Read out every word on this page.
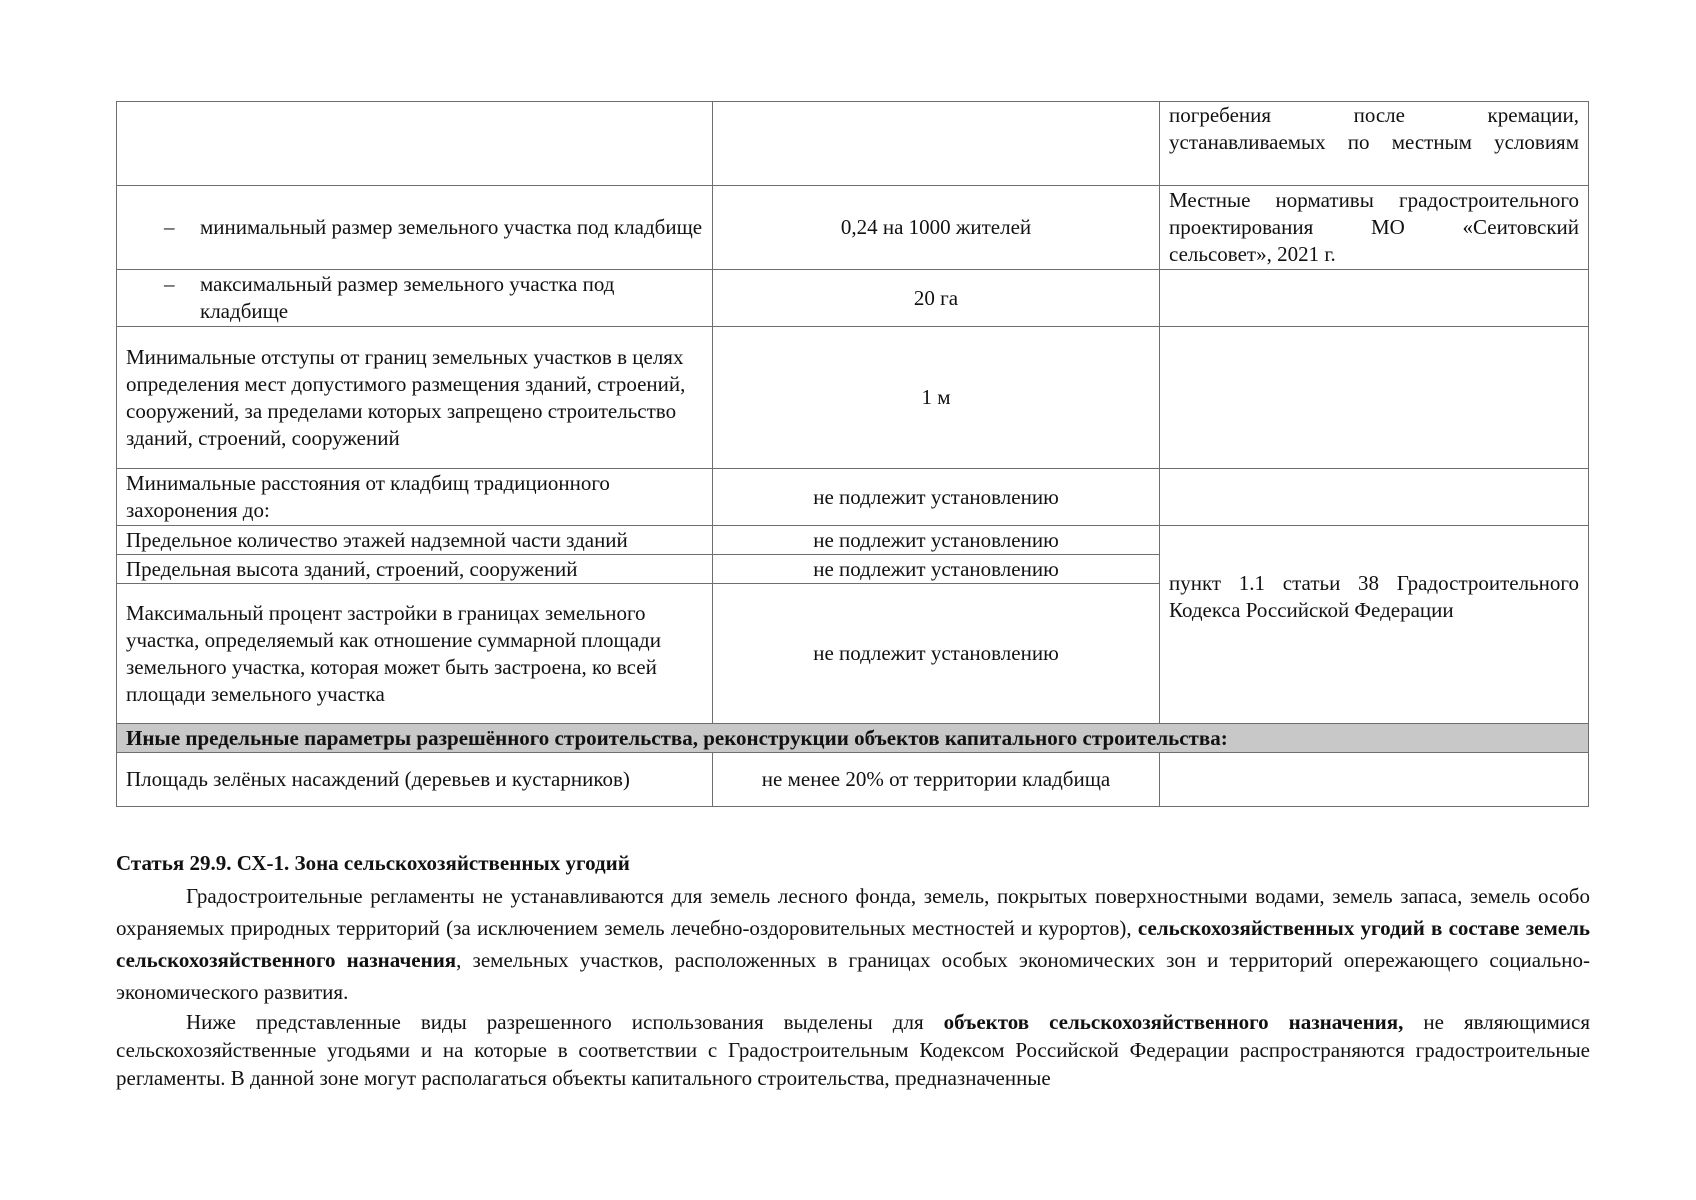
		погребения после кремации, устанавливаемых по местным условиям

– минимальный размер земельного участка под кладбище	0,24 на 1000 жителей	Местные нормативы градостроительного проектирования МО «Сеитовский сельсовет», 2021 г.

– максимальный размер земельного участка под кладбище	20 га	
Минимальные отступы от границ земельных участков в целях определения мест допустимого размещения зданий, строений, сооружений, за пределами которых запрещено строительство зданий, строений, сооружений	1 м	
Минимальные расстояния от кладбищ традиционного захоронения до:	не подлежит установлению	
Предельное количество этажей надземной части зданий	не подлежит установлению	пункт 1.1 статьи 38 Градостроительного Кодекса Российской Федерации
Предельная высота зданий, строений, сооружений	не подлежит установлению	
Максимальный процент застройки в границах земельного участка, определяемый как отношение суммарной площади земельного участка, которая может быть застроена, ко всей площади земельного участка	не подлежит установлению	
Иные предельные параметры разрешённого строительства, реконструкции объектов капитального строительства:		
Площадь зелёных насаждений (деревьев и кустарников)	не менее 20% от территории кладбища	
Статья 29.9. СХ-1. Зона сельскохозяйственных угодий

Градостроительные регламенты не устанавливаются для земель лесного фонда, земель, покрытых поверхностными водами, земель запаса, земель особо охраняемых природных территорий (за исключением земель лечебно-оздоровительных местностей и курортов), сельскохозяйственных угодий в составе земель сельскохозяйственного назначения, земельных участков, расположенных в границах особых экономических зон и территорий опережающего социально-экономического развития.

Ниже представленные виды разрешенного использования выделены для объектов сельскохозяйственного назначения, не являющимися сельскохозяйственные угодьями и на которые в соответствии с Градостроительным Кодексом Российской Федерации распространяются градостроительные регламенты. В данной зоне могут располагаться объекты капитального строительства, предназначенные
